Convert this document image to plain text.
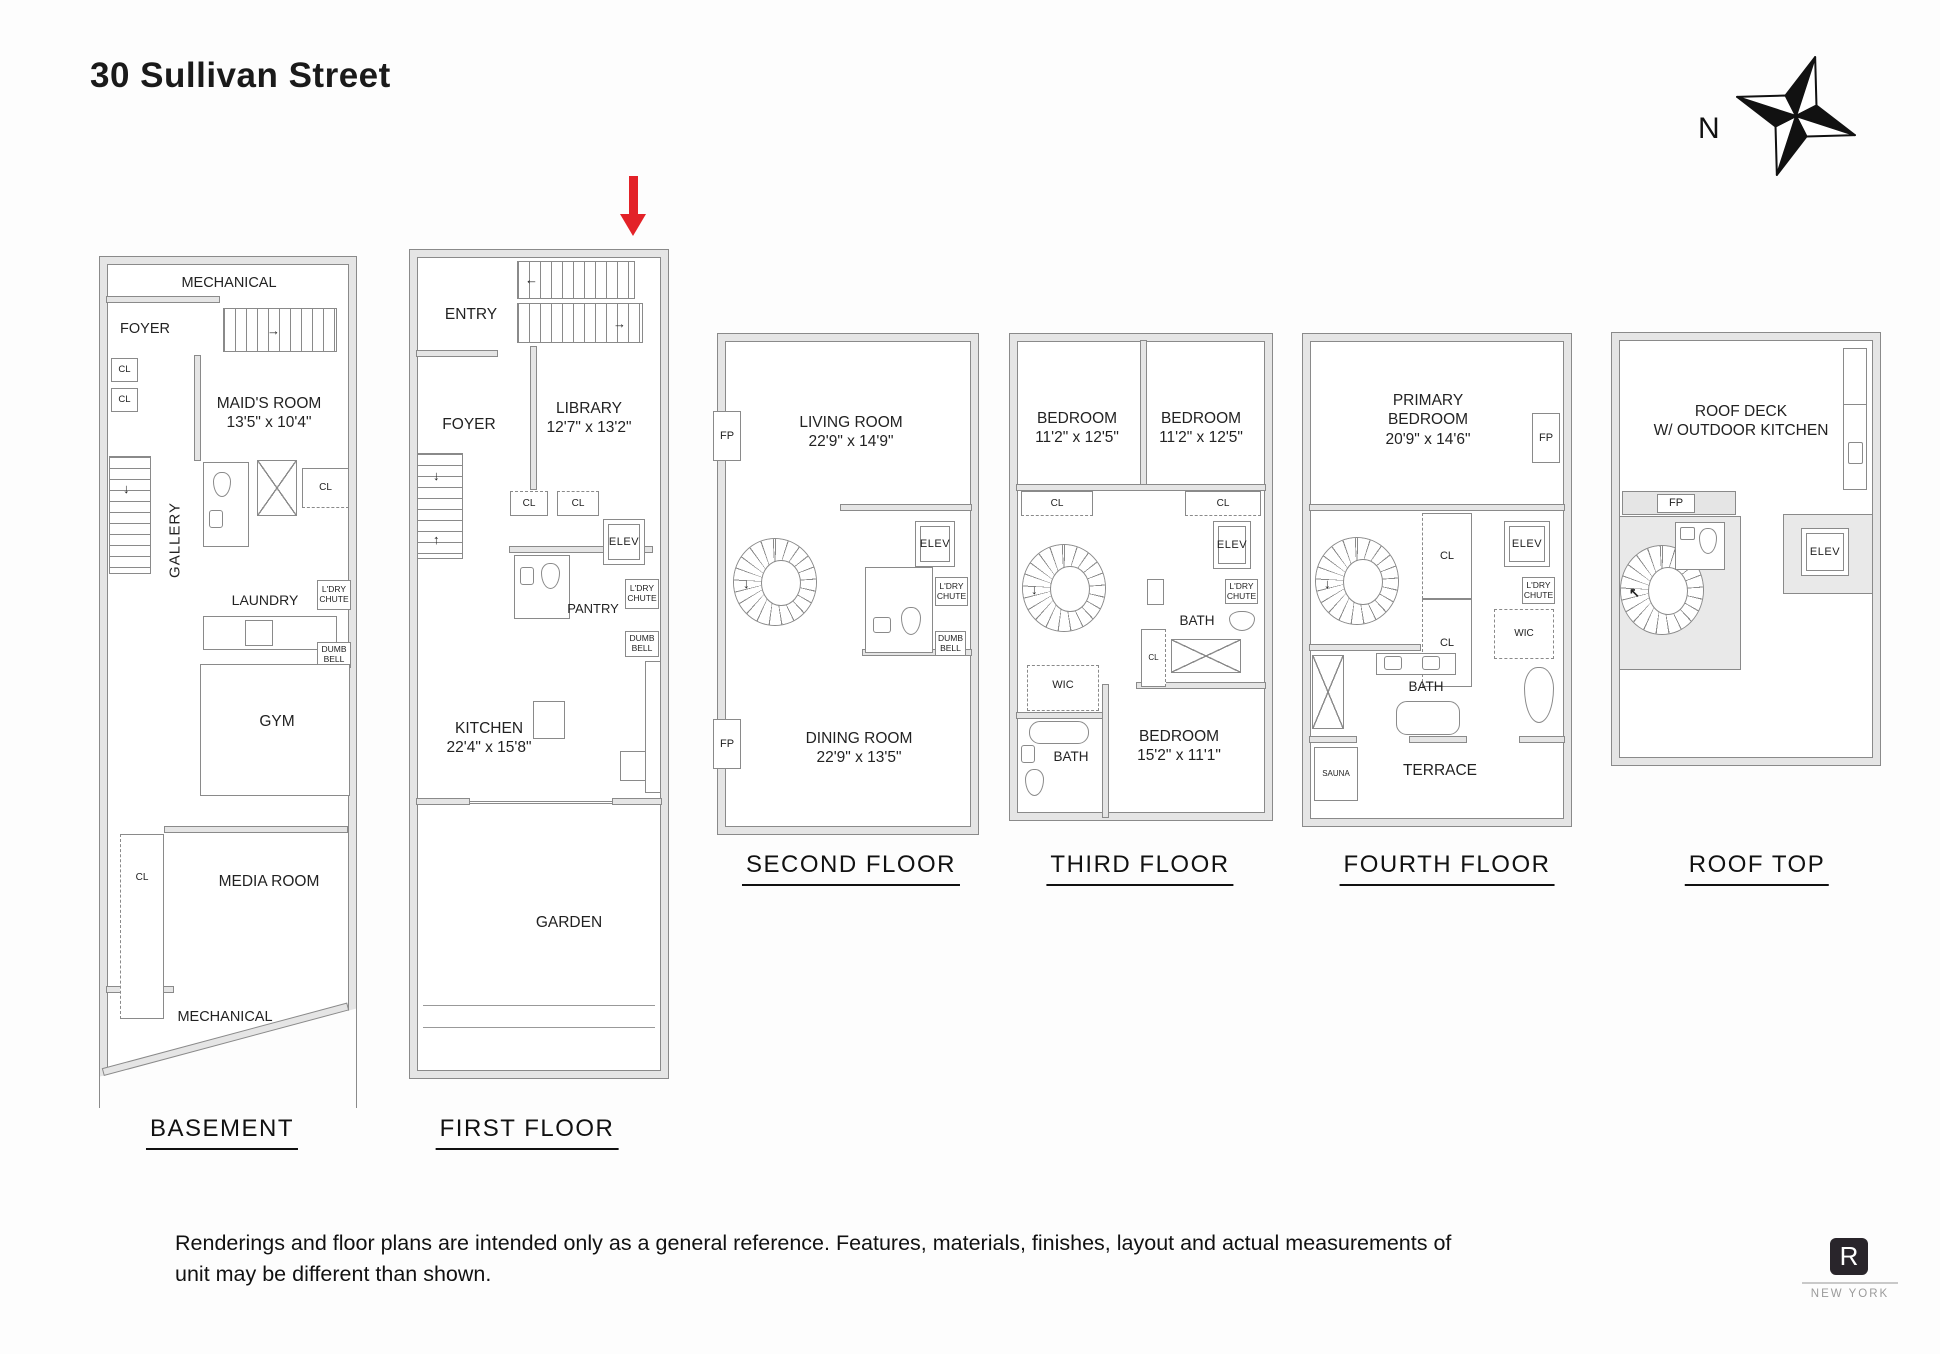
30 Sullivan Street
N
→
↓	CL
L'DRY CHUTE
DUMB BELL
MECHANICAL
FOYER
CL
CL	MAID'S ROOM
13'5" x 10'4"
GALLERY
LAUNDRY
GYM
CL	MEDIA ROOM
MECHANICAL
←
→
↓
↑
CL	CL
ELEV
L'DRY CHUTE
DUMB BELL
ENTRY
FOYER
LIBRARY
12'7" x 13'2"
PANTRY
KITCHEN
22'4" x 15'8"
GARDEN
FP
↓
ELEV
L'DRY CHUTE
DUMB BELL
FP
LIVING ROOM
22'9" x 14'9"
DINING ROOM
22'9" x 13'5"
CL	CL
↓
ELEV
L'DRY CHUTE
CL
BATH
WIC
BATH
BEDROOM
11'2" x 12'5"
BEDROOM
11'2" x 12'5"
BEDROOM
15'2" x 11'1"
FP
↓
CL
CL
ELEV
L'DRY CHUTE
WIC
SAUNA
PRIMARY BEDROOM
20'9" x 14'6"
BATH
TERRACE
FP
↖
ELEV
ROOF DECK
W/ OUTDOOR KITCHEN
BASEMENT	FIRST FLOOR
SECOND FLOOR	THIRD FLOOR	FOURTH FLOOR	ROOF TOP
Renderings and floor plans are intended only as a general reference. Features, materials, finishes, layout and actual measurements of unit may be different than shown.
R
NEW YORK
